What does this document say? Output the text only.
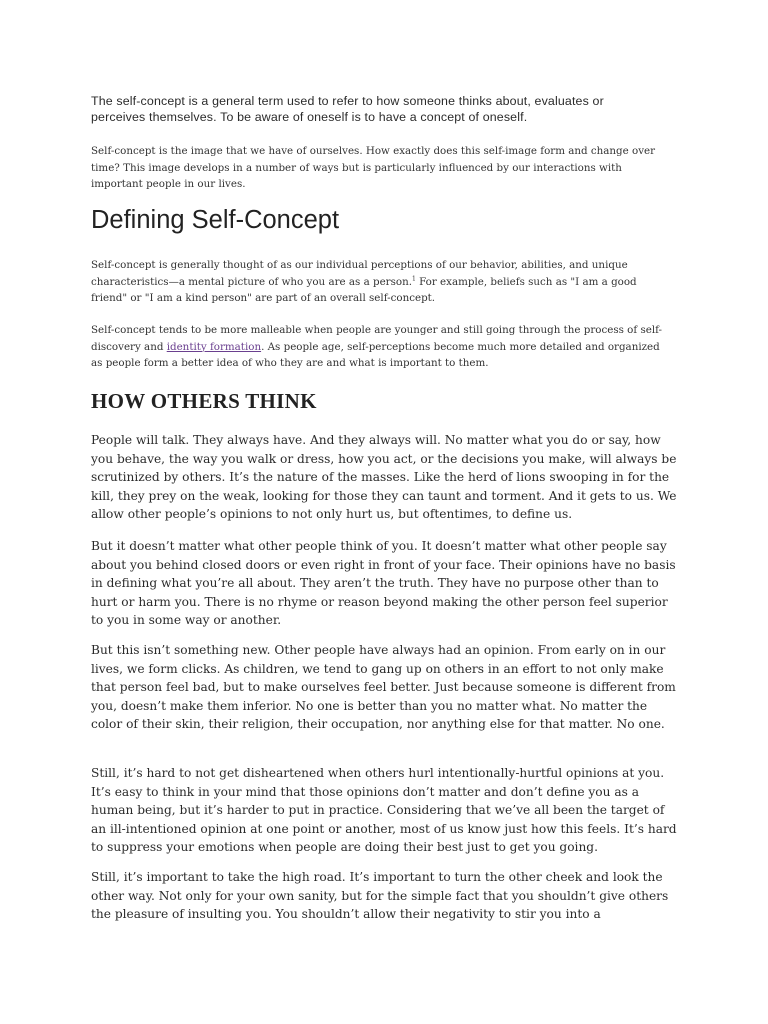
The self-concept is a general term used to refer to how someone thinks about, evaluates or perceives themselves. To be aware of oneself is to have a concept of oneself.

Self-concept is the image that we have of ourselves. How exactly does this self-image form and change over time? This image develops in a number of ways but is particularly influenced by our interactions with important people in our lives.

Defining Self-Concept

Self-concept is generally thought of as our individual perceptions of our behavior, abilities, and unique characteristics—a mental picture of who you are as a person.$^1$ For example, beliefs such as "I am a good friend" or "I am a kind person" are part of an overall self-concept.

Self-concept tends to be more malleable when people are younger and still going through the process of self-discovery and identity formation. As people age, self-perceptions become much more detailed and organized as people form a better idea of who they are and what is important to them.

HOW OTHERS THINK

People will talk. They always have. And they always will. No matter what you do or say, how you behave, the way you walk or dress, how you act, or the decisions you make, will always be scrutinized by others. It’s the nature of the masses. Like the herd of lions swooping in for the kill, they prey on the weak, looking for those they can taunt and torment. And it gets to us. We allow other people’s opinions to not only hurt us, but oftentimes, to define us.

But it doesn’t matter what other people think of you. It doesn’t matter what other people say about you behind closed doors or even right in front of your face. Their opinions have no basis in defining what you’re all about. They aren’t the truth. They have no purpose other than to hurt or harm you. There is no rhyme or reason beyond making the other person feel superior to you in some way or another.

But this isn’t something new. Other people have always had an opinion. From early on in our lives, we form clicks. As children, we tend to gang up on others in an effort to not only make that person feel bad, but to make ourselves feel better. Just because someone is different from you, doesn’t make them inferior. No one is better than you no matter what. No matter the color of their skin, their religion, their occupation, nor anything else for that matter. No one.

Still, it’s hard to not get disheartened when others hurl intentionally-hurtful opinions at you. It’s easy to think in your mind that those opinions don’t matter and don’t define you as a human being, but it’s harder to put in practice. Considering that we’ve all been the target of an ill-intentioned opinion at one point or another, most of us know just how this feels. It’s hard to suppress your emotions when people are doing their best just to get you going.

Still, it’s important to take the high road. It’s important to turn the other cheek and look the other way. Not only for your own sanity, but for the simple fact that you shouldn’t give others the pleasure of insulting you. You shouldn’t allow their negativity to stir you into a
